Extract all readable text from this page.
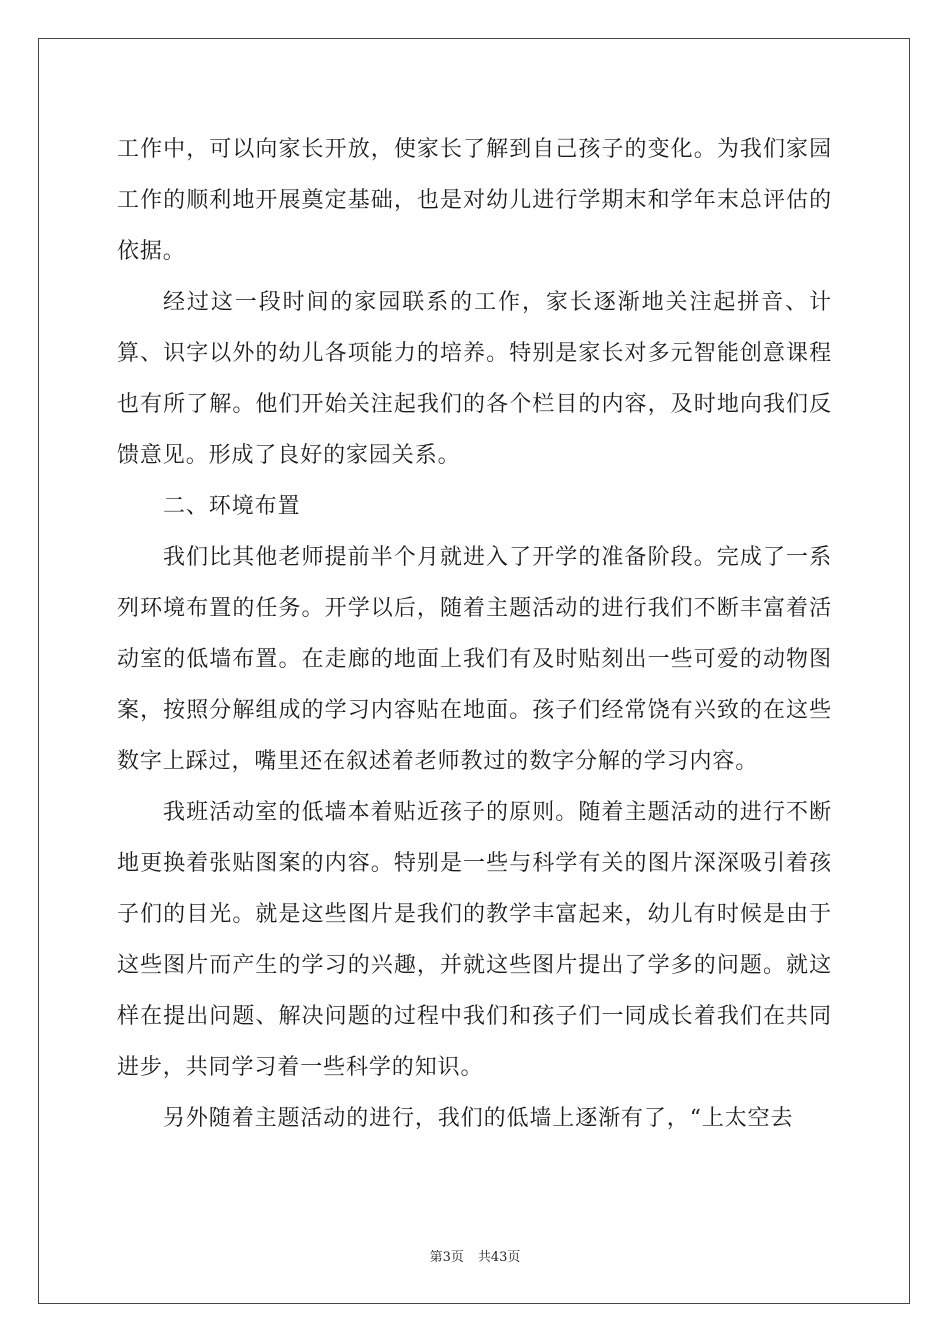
工作中，可以向家长开放，使家长了解到自己孩子的变化。为我们家园工作的顺利地开展奠定基础，也是对幼儿进行学期末和学年末总评估的依据。

经过这一段时间的家园联系的工作，家长逐渐地关注起拼音、计算、识字以外的幼儿各项能力的培养。特别是家长对多元智能创意课程也有所了解。他们开始关注起我们的各个栏目的内容，及时地向我们反馈意见。形成了良好的家园关系。

二、环境布置

我们比其他老师提前半个月就进入了开学的准备阶段。完成了一系列环境布置的任务。开学以后，随着主题活动的进行我们不断丰富着活动室的低墙布置。在走廊的地面上我们有及时贴刻出一些可爱的动物图案，按照分解组成的学习内容贴在地面。孩子们经常饶有兴致的在这些数字上踩过，嘴里还在叙述着老师教过的数字分解的学习内容。

我班活动室的低墙本着贴近孩子的原则。随着主题活动的进行不断地更换着张贴图案的内容。特别是一些与科学有关的图片深深吸引着孩子们的目光。就是这些图片是我们的教学丰富起来，幼儿有时候是由于这些图片而产生的学习的兴趣，并就这些图片提出了学多的问题。就这样在提出问题、解决问题的过程中我们和孩子们一同成长着我们在共同进步，共同学习着一些科学的知识。

另外随着主题活动的进行，我们的低墙上逐渐有了，“上太空去

第3页 共43页
